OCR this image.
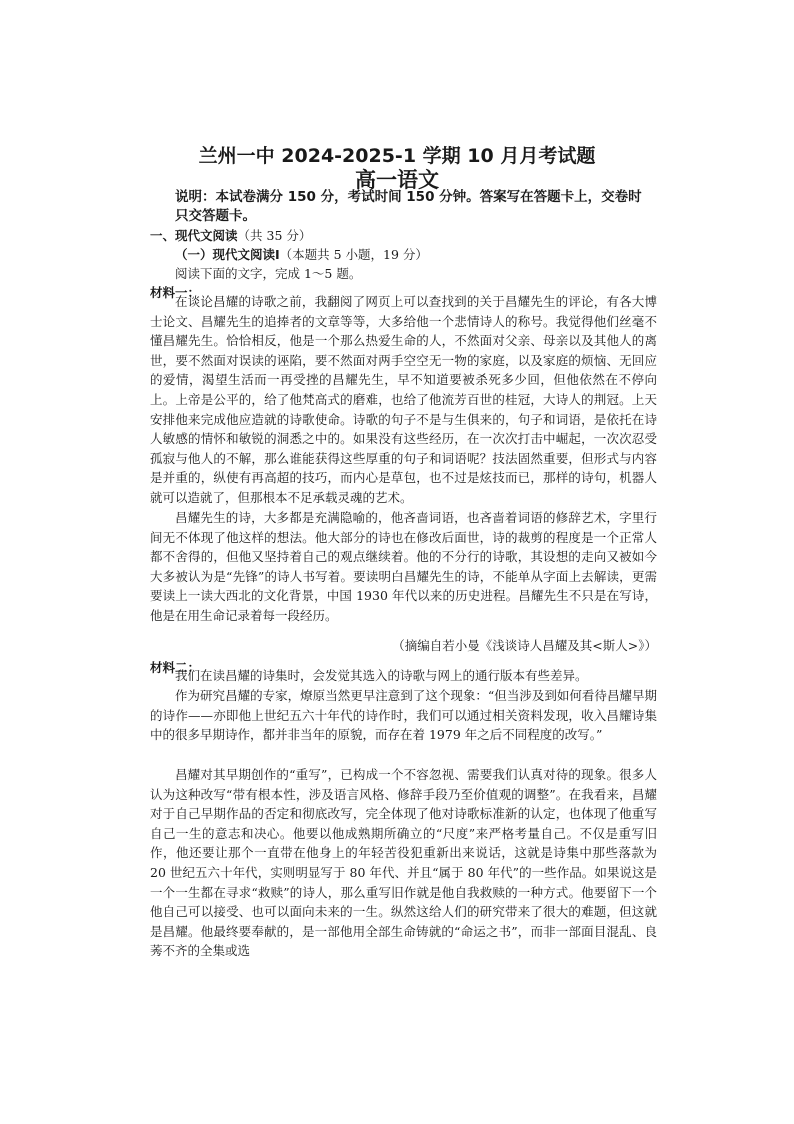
兰州一中 2024-2025-1 学期 10 月月考试题
高一语文
说明：本试卷满分 150 分，考试时间 150 分钟。答案写在答题卡上，交卷时只交答题卡。
一、现代文阅读（共 35 分）
（一）现代文阅读Ⅰ（本题共 5 小题，19 分）
阅读下面的文字，完成 1～5 题。
材料一：
在谈论昌耀的诗歌之前，我翻阅了网页上可以查找到的关于昌耀先生的评论，有各大博士论文、昌耀先生的追捧者的文章等等，大多给他一个悲情诗人的称号。我觉得他们丝毫不懂昌耀先生。恰恰相反，他是一个那么热爱生命的人，不然面对父亲、母亲以及其他人的离世，要不然面对误读的诬陷，要不然面对两手空空无一物的家庭，以及家庭的烦恼、无回应的爱情，渴望生活而一再受挫的昌耀先生，早不知道要被杀死多少回，但他依然在不停向上。上帝是公平的，给了他梵高式的磨难，也给了他流芳百世的桂冠，大诗人的荆冠。上天安排他来完成他应造就的诗歌使命。诗歌的句子不是与生俱来的，句子和词语，是依托在诗人敏感的情怀和敏锐的洞悉之中的。如果没有这些经历，在一次次打击中崛起，一次次忍受孤寂与他人的不解，那么谁能获得这些厚重的句子和词语呢？技法固然重要，但形式与内容是并重的，纵使有再高超的技巧，而内心是草包，也不过是炫技而已，那样的诗句，机器人就可以造就了，但那根本不足承载灵魂的艺术。
昌耀先生的诗，大多都是充满隐喻的，他吝啬词语，也吝啬着词语的修辞艺术，字里行间无不体现了他这样的想法。他大部分的诗也在修改后面世，诗的裁剪的程度是一个正常人都不舍得的，但他又坚持着自己的观点继续着。他的不分行的诗歌，其设想的走向又被如今大多被认为是“先锋”的诗人书写着。要读明白昌耀先生的诗，不能单从字面上去解读，更需要读上一读大西北的文化背景，中国 1930 年代以来的历史进程。昌耀先生不只是在写诗，他是在用生命记录着每一段经历。
（摘编自若小曼《浅谈诗人昌耀及其<斯人>》）
材料二：
我们在读昌耀的诗集时，会发觉其选入的诗歌与网上的通行版本有些差异。
作为研究昌耀的专家，燎原当然更早注意到了这个现象：“但当涉及到如何看待昌耀早期的诗作——亦即他上世纪五六十年代的诗作时，我们可以通过相关资料发现，收入昌耀诗集中的很多早期诗作，都并非当年的原貌，而存在着 1979 年之后不同程度的改写。”
昌耀对其早期创作的“重写”，已构成一个不容忽视、需要我们认真对待的现象。很多人认为这种改写“带有根本性，涉及语言风格、修辞手段乃至价值观的调整”。在我看来，昌耀对于自己早期作品的否定和彻底改写，完全体现了他对诗歌标准新的认定，也体现了他重写自己一生的意志和决心。他要以他成熟期所确立的“尺度”来严格考量自己。不仅是重写旧作，他还要让那个一直带在他身上的年轻苦役犯重新出来说话，这就是诗集中那些落款为 20 世纪五六十年代，实则明显写于 80 年代、并且“属于 80 年代”的一些作品。如果说这是一个一生都在寻求“救赎”的诗人，那么重写旧作就是他自我救赎的一种方式。他要留下一个他自己可以接受、也可以面向未来的一生。纵然这给人们的研究带来了很大的难题，但这就是昌耀。他最终要奉献的，是一部他用全部生命铸就的“命运之书”，而非一部面目混乱、良莠不齐的全集或选
